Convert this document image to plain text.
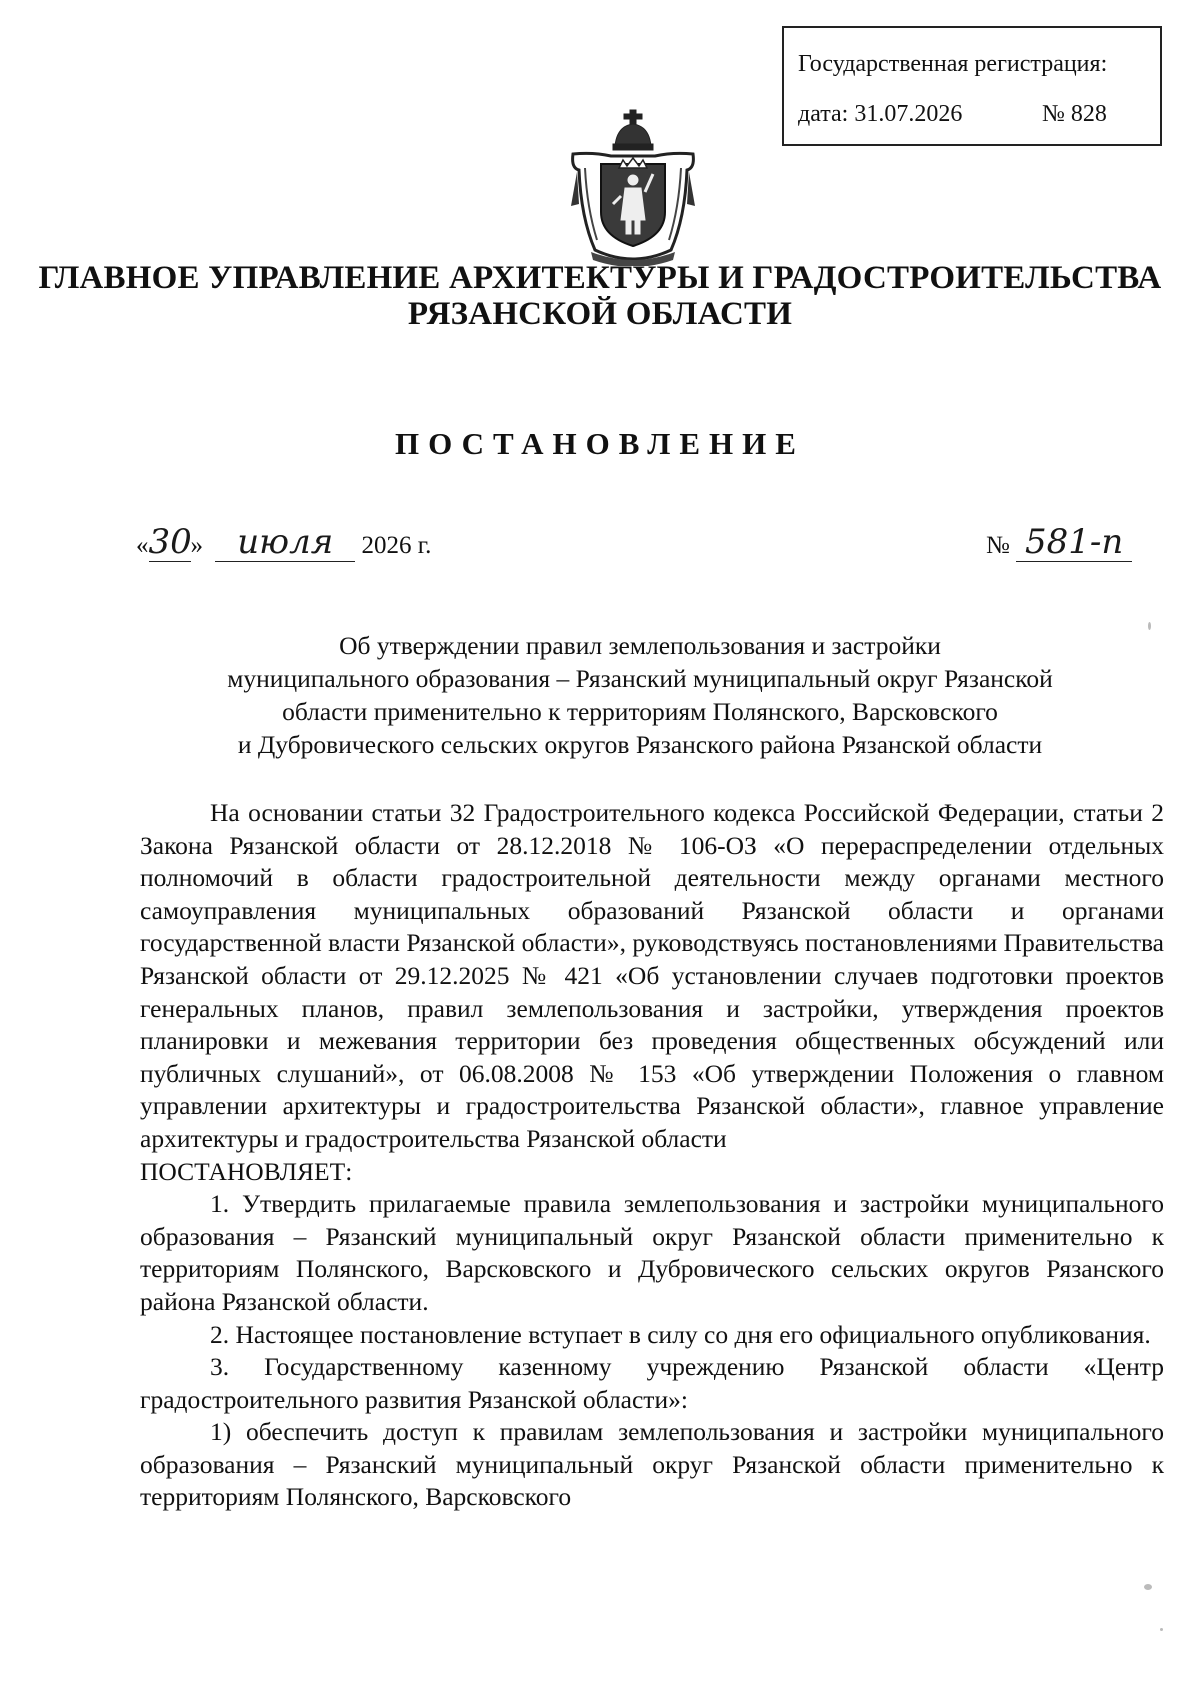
Государственная регистрация:
дата: 31.07.2026	№ 828
ГЛАВНОЕ УПРАВЛЕНИЕ АРХИТЕКТУРЫ И ГРАДОСТРОИТЕЛЬСТВА
РЯЗАНСКОЙ ОБЛАСТИ
ПОСТАНОВЛЕНИЕ
«30» июля 2026 г.	№ 581-п
Об утверждении правил землепользования и застройки
муниципального образования – Рязанский муниципальный округ Рязанской
области применительно к территориям Полянского, Варсковского
и Дубровического сельских округов Рязанского района Рязанской области

На основании статьи 32 Градостроительного кодекса Российской Федерации, статьи 2 Закона Рязанской области от 28.12.2018 № 106-ОЗ «О перераспределении отдельных полномочий в области градостроительной деятельности между органами местного самоуправления муниципальных образований Рязанской области и органами государственной власти Рязанской области», руководствуясь постановлениями Правительства Рязанской области от 29.12.2025 № 421 «Об установлении случаев подготовки проектов генеральных планов, правил землепользования и застройки, утверждения проектов планировки и межевания территории без проведения общественных обсуждений или публичных слушаний», от 06.08.2008 № 153 «Об утверждении Положения о главном управлении архитектуры и градостроительства Рязанской области», главное управление архитектуры и градостроительства Рязанской области

ПОСТАНОВЛЯЕТ:

1. Утвердить прилагаемые правила землепользования и застройки муниципального образования – Рязанский муниципальный округ Рязанской области применительно к территориям Полянского, Варсковского и Дубровического сельских округов Рязанского района Рязанской области.

2. Настоящее постановление вступает в силу со дня его официального опубликования.

3. Государственному казенному учреждению Рязанской области «Центр градостроительного развития Рязанской области»:

1) обеспечить доступ к правилам землепользования и застройки муниципального образования – Рязанский муниципальный округ Рязанской области применительно к территориям Полянского, Варсковского
